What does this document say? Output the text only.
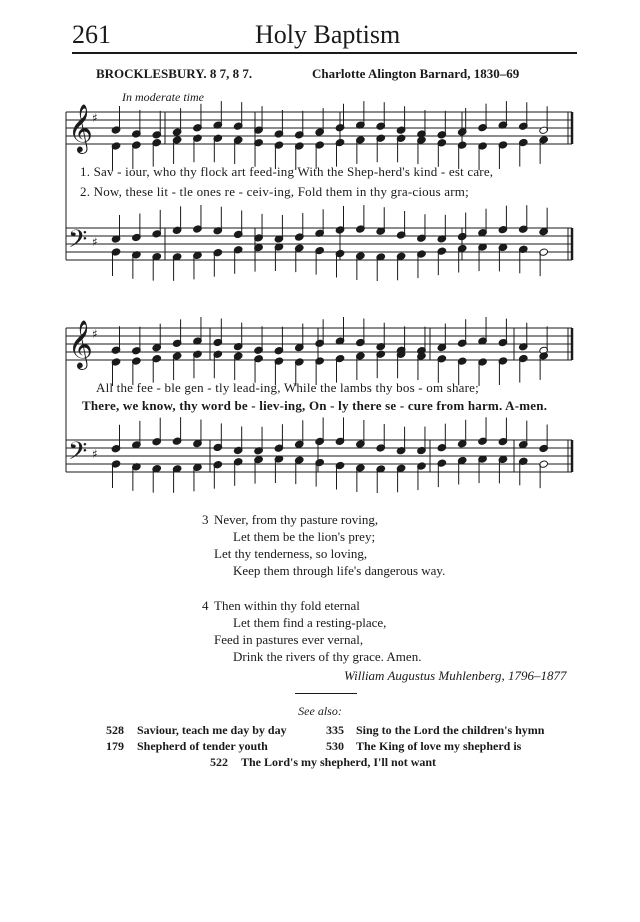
261	Holy Baptism
BROCKLESBURY. 8 7, 8 7.	Charlotte Alington Barnard, 1830–69
In moderate time
𝄞
𝄢
♯
♯
𝄞
𝄢
♯
♯
1. Sav - iour, who thy flock art feed-ing With the Shep-herd's kind - est care,
2. Now, these lit - tle ones re - ceiv-ing, Fold them in thy gra-cious arm;
All the fee - ble gen - tly lead-ing, While the lambs thy bos - om share;
There, we know, thy word be - liev-ing, On - ly there se - cure from harm. A-men.
3 Never, from thy pasture roving,
Let them be the lion's prey;
Let thy tenderness, so loving,
Keep them through life's dangerous way.
4 Then within thy fold eternal
Let them find a resting-place,
Feed in pastures ever vernal,
Drink the rivers of thy grace. Amen.
William Augustus Muhlenberg, 1796–1877
See also:
528 Saviour, teach me day by day	335 Sing to the Lord the children's hymn
179 Shepherd of tender youth	530 The King of love my shepherd is
522 The Lord's my shepherd, I'll not want
